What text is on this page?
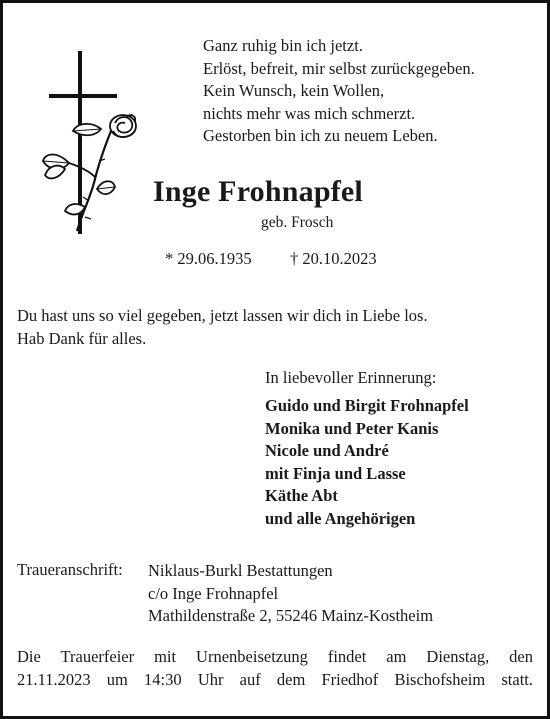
Ganz ruhig bin ich jetzt.
Erlöst, befreit, mir selbst zurückgegeben.
Kein Wunsch, kein Wollen,
nichts mehr was mich schmerzt.
Gestorben bin ich zu neuem Leben.
Inge Frohnapfel
geb. Frosch
* 29.06.1935 † 20.10.2023
Du hast uns so viel gegeben, jetzt lassen wir dich in Liebe los.
Hab Dank für alles.
In liebevoller Erinnerung:
Guido und Birgit Frohnapfel
Monika und Peter Kanis
Nicole und André
mit Finja und Lasse
Käthe Abt
und alle Angehörigen
Traueranschrift: Niklaus-Burkl Bestattungen
c/o Inge Frohnapfel
Mathildenstraße 2, 55246 Mainz-Kostheim
Die Trauerfeier mit Urnenbeisetzung findet am Dienstag, den
21.11.2023 um 14:30 Uhr auf dem Friedhof Bischofsheim statt.
